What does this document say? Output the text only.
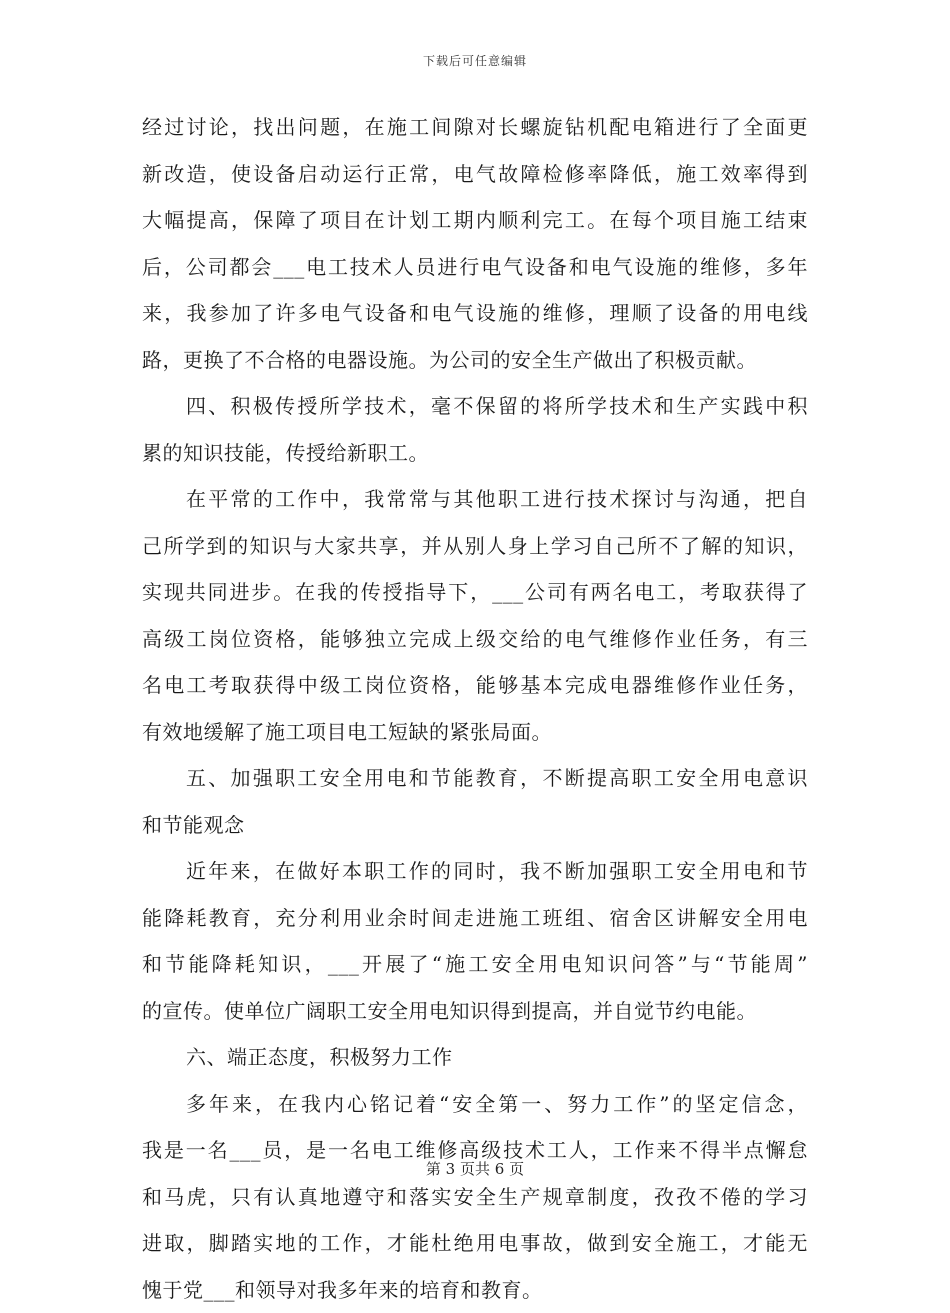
下载后可任意编辑
经过讨论，找出问题，在施工间隙对长螺旋钻机配电箱进行了全面更
新改造，使设备启动运行正常，电气故障检修率降低，施工效率得到
大幅提高，保障了项目在计划工期内顺利完工。在每个项目施工结束
后，公司都会___电工技术人员进行电气设备和电气设施的维修，多年
来，我参加了许多电气设备和电气设施的维修，理顺了设备的用电线
路，更换了不合格的电器设施。为公司的安全生产做出了积极贡献。
四、积极传授所学技术，毫不保留的将所学技术和生产实践中积
累的知识技能，传授给新职工。
在平常的工作中，我常常与其他职工进行技术探讨与沟通，把自
己所学到的知识与大家共享，并从别人身上学习自己所不了解的知识，
实现共同进步。在我的传授指导下，___公司有两名电工，考取获得了
高级工岗位资格，能够独立完成上级交给的电气维修作业任务，有三
名电工考取获得中级工岗位资格，能够基本完成电器维修作业任务，
有效地缓解了施工项目电工短缺的紧张局面。
五、加强职工安全用电和节能教育，不断提高职工安全用电意识
和节能观念
近年来，在做好本职工作的同时，我不断加强职工安全用电和节
能降耗教育，充分利用业余时间走进施工班组、宿舍区讲解安全用电
和节能降耗知识，___开展了“施工安全用电知识问答”与“节能周”
的宣传。使单位广阔职工安全用电知识得到提高，并自觉节约电能。
六、端正态度，积极努力工作
多年来，在我内心铭记着“安全第一、努力工作”的坚定信念，
我是一名___员，是一名电工维修高级技术工人，工作来不得半点懈怠
和马虎，只有认真地遵守和落实安全生产规章制度，孜孜不倦的学习
进取，脚踏实地的工作，才能杜绝用电事故，做到安全施工，才能无
愧于党___和领导对我多年来的培育和教育。
第 3 页共 6 页
